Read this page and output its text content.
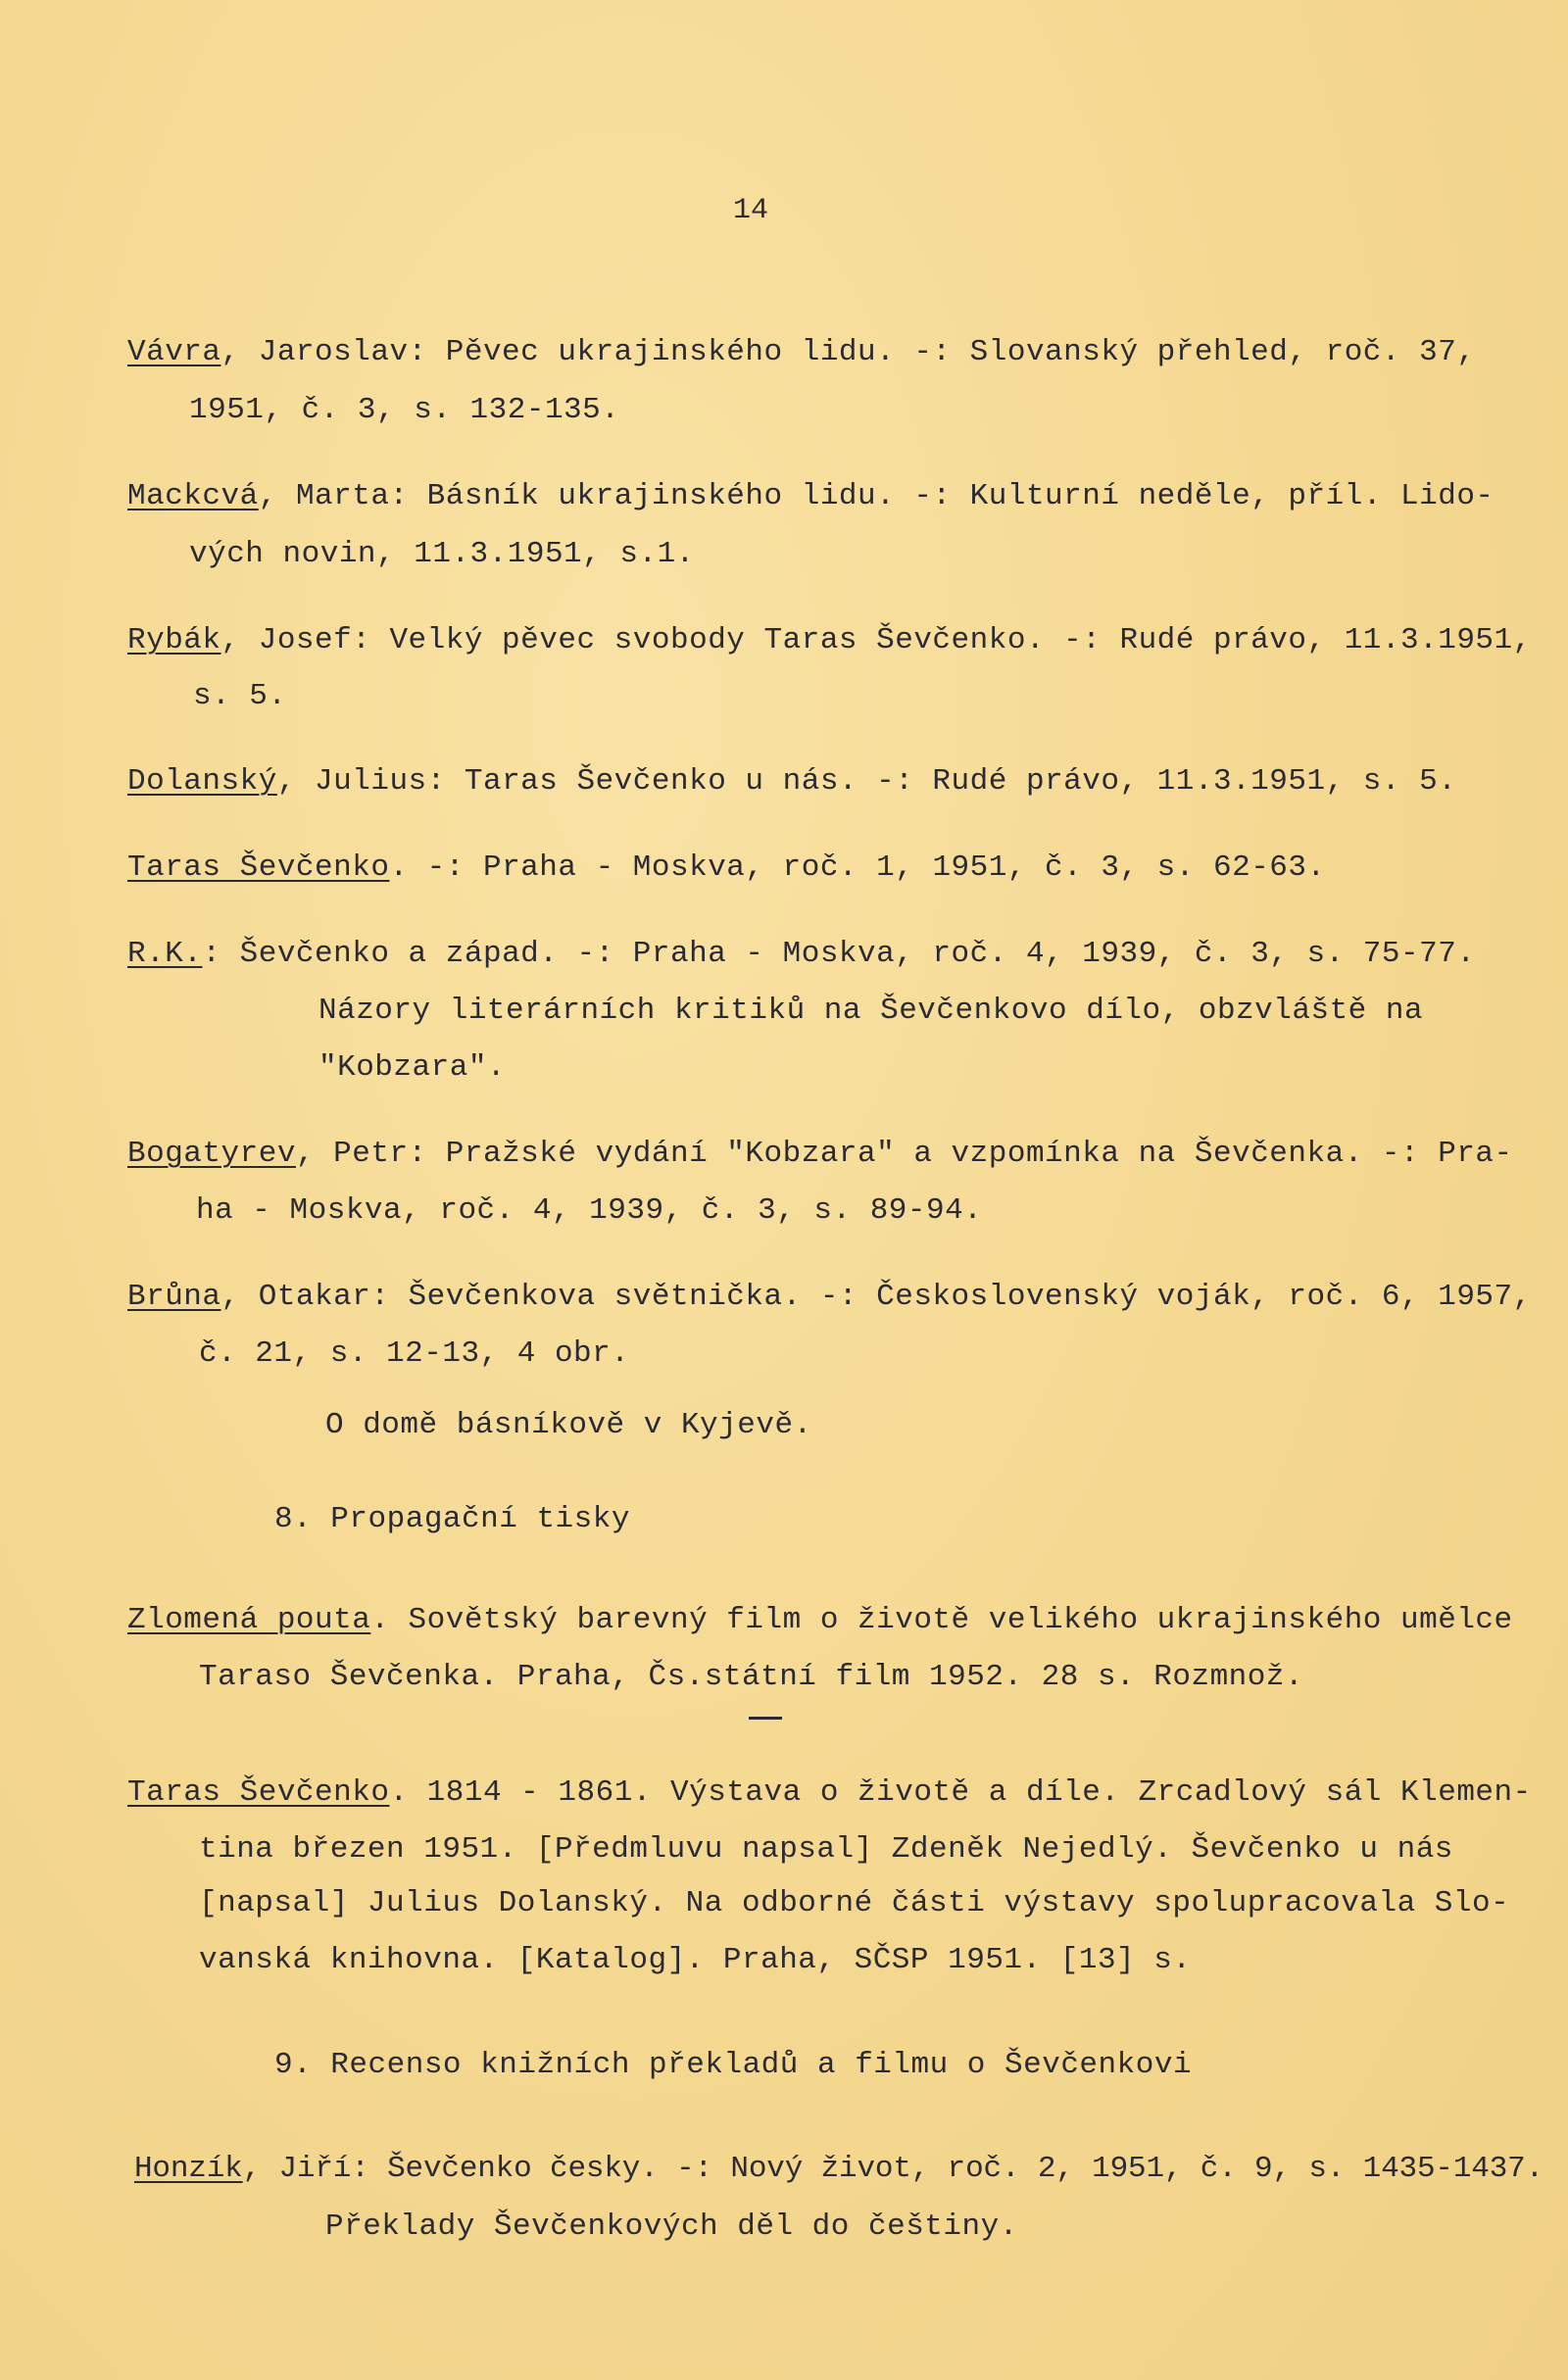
14
Vávra, Jaroslav: Pěvec ukrajinského lidu. -: Slovanský přehled, roč. 37,
1951, č. 3, s. 132-135.
Mackcvá, Marta: Básník ukrajinského lidu. -: Kulturní neděle, příl. Lido-
vých novin, 11.3.1951, s.1.
Rybák, Josef: Velký pěvec svobody Taras Ševčenko. -: Rudé právo, 11.3.1951,
s. 5.
Dolanský, Julius: Taras Ševčenko u nás. -: Rudé právo, 11.3.1951, s. 5.
Taras Ševčenko. -: Praha - Moskva, roč. 1, 1951, č. 3, s. 62-63.
R.K.: Ševčenko a západ. -: Praha - Moskva, roč. 4, 1939, č. 3, s. 75-77.
Názory literárních kritiků na Ševčenkovo dílo, obzvláště na
"Kobzara".
Bogatyrev, Petr: Pražské vydání "Kobzara" a vzpomínka na Ševčenka. -: Pra-
ha - Moskva, roč. 4, 1939, č. 3, s. 89-94.
Brůna, Otakar: Ševčenkova světnička. -: Československý voják, roč. 6, 1957,
č. 21, s. 12-13, 4 obr.
O domě básníkově v Kyjevě.
8. Propagační tisky
Zlomená pouta. Sovětský barevný film o životě velikého ukrajinského umělce
Taraso Ševčenka. Praha, Čs.státní film 1952. 28 s. Rozmnož.
Taras Ševčenko. 1814 - 1861. Výstava o životě a díle. Zrcadlový sál Klemen-
tina březen 1951. [Předmluvu napsal] Zdeněk Nejedlý. Ševčenko u nás
[napsal] Julius Dolanský. Na odborné části výstavy spolupracovala Slo-
vanská knihovna. [Katalog]. Praha, SČSP 1951. [13] s.
9. Recenso knižních překladů a filmu o Ševčenkovi
Honzík, Jiří: Ševčenko česky. -: Nový život, roč. 2, 1951, č. 9, s. 1435-1437.
Překlady Ševčenkových děl do češtiny.
